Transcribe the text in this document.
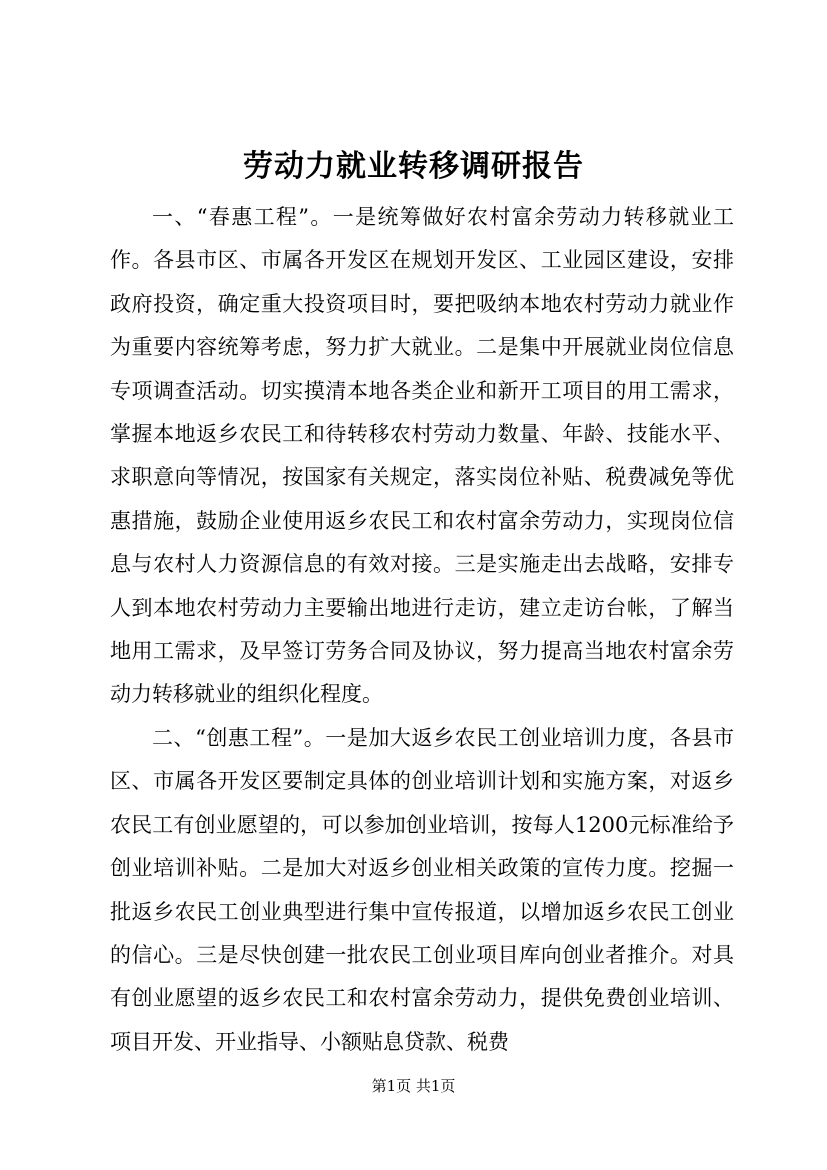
劳动力就业转移调研报告

一、“春惠工程”。一是统筹做好农村富余劳动力转移就业工作。各县市区、市属各开发区在规划开发区、工业园区建设，安排政府投资，确定重大投资项目时，要把吸纳本地农村劳动力就业作为重要内容统筹考虑，努力扩大就业。二是集中开展就业岗位信息专项调查活动。切实摸清本地各类企业和新开工项目的用工需求，掌握本地返乡农民工和待转移农村劳动力数量、年龄、技能水平、求职意向等情况，按国家有关规定，落实岗位补贴、税费减免等优惠措施，鼓励企业使用返乡农民工和农村富余劳动力，实现岗位信息与农村人力资源信息的有效对接。三是实施走出去战略，安排专人到本地农村劳动力主要输出地进行走访，建立走访台帐，了解当地用工需求，及早签订劳务合同及协议，努力提高当地农村富余劳动力转移就业的组织化程度。

二、“创惠工程”。一是加大返乡农民工创业培训力度，各县市区、市属各开发区要制定具体的创业培训计划和实施方案，对返乡农民工有创业愿望的，可以参加创业培训，按每人1200元标准给予创业培训补贴。二是加大对返乡创业相关政策的宣传力度。挖掘一批返乡农民工创业典型进行集中宣传报道，以增加返乡农民工创业的信心。三是尽快创建一批农民工创业项目库向创业者推介。对具有创业愿望的返乡农民工和农村富余劳动力，提供免费创业培训、项目开发、开业指导、小额贴息贷款、税费

第1页 共1页
